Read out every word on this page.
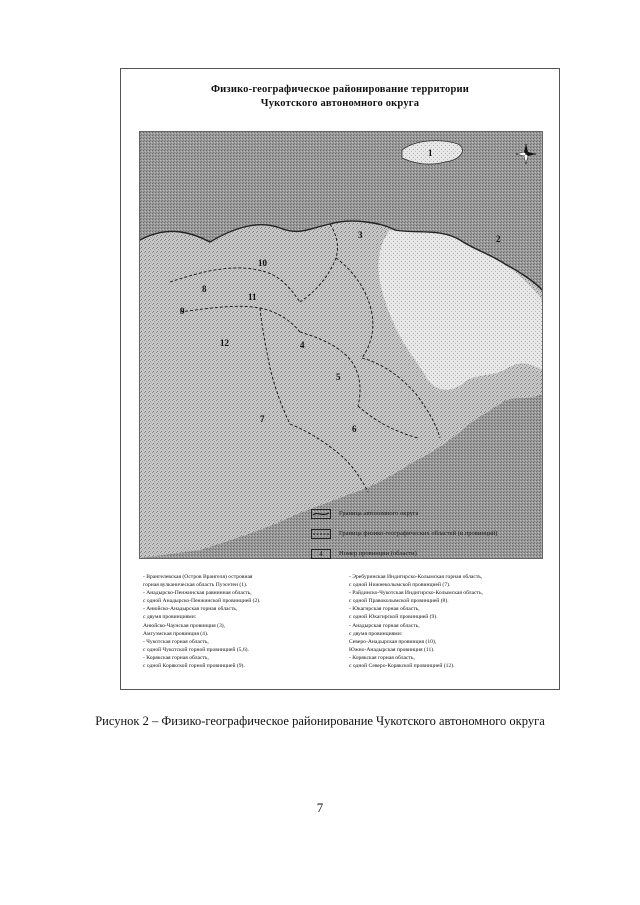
Физико-географическое районирование территории
Чукотского автономного округа
1
2
3
4
5
6
7
8
9
10
11
12
Граница автономного округа
Граница физико-географических областей (и провинций)
4	Номер провинции (области)
- Врангелевская (Остров Врангеля) островная
горная вулканическая область Пуэсетен (1).
- Анадырско-Пенжинская равнинная область,
с одной Анадырско-Пенжинской провинцией (2).
- Анюйско-Анадырская горная область,
с двумя провинциями:
Анюйско-Чаунская провинция (3),
Амгуэмская провинция (4).
- Чукотская горная область,
с одной Чукотской горной провинцией (5,6).
- Корякская горная область,
с одной Корякской горной провинцией (9).
- Эребуринская Индигирско-Колымская горная область,
с одной Нижнеколымской провинцией (7).
- Райдинско-Чукотская Индигирско-Колымская область,
с одной Правоколымской провинцией (8).
- Юкагирская горная область,
с одной Юкагирской провинцией (9).
- Анадырская горная область,
с двумя провинциями:
Северо-Анадырская провинция (10),
Южно-Анадырская провинция (11).
- Корякская горная область,
с одной Северо-Корякской провинцией (12).
Рисунок 2 – Физико-географическое районирование Чукотского автономного округа
7
